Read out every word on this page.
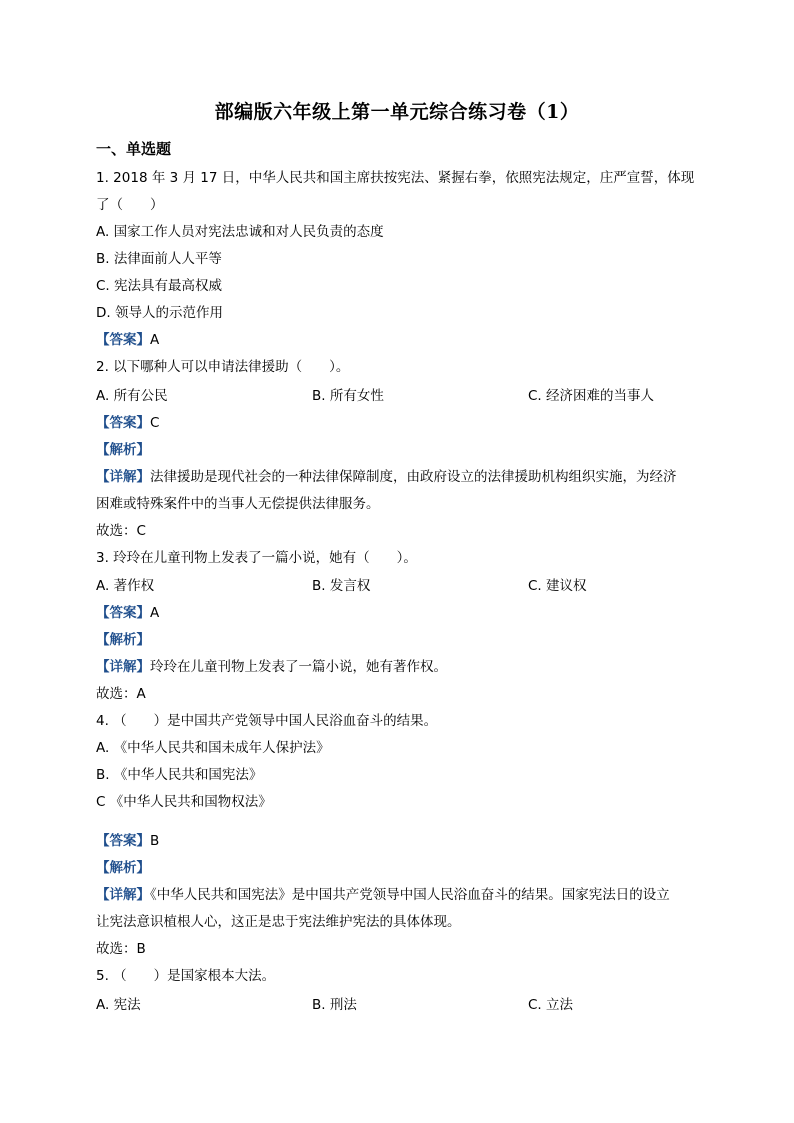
部编版六年级上第一单元综合练习卷（1）
一、单选题
1. 2018 年 3 月 17 日，中华人民共和国主席扶按宪法、紧握右拳，依照宪法规定，庄严宣誓，体现
了（　　）
A. 国家工作人员对宪法忠诚和对人民负责的态度
B. 法律面前人人平等
C. 宪法具有最高权威
D. 领导人的示范作用
【答案】A
2. 以下哪种人可以申请法律援助（　　）。
A. 所有公民	B. 所有女性	C. 经济困难的当事人
【答案】C
【解析】
【详解】法律援助是现代社会的一种法律保障制度，由政府设立的法律援助机构组织实施，为经济
困难或特殊案件中的当事人无偿提供法律服务。
故选：C
3. 玲玲在儿童刊物上发表了一篇小说，她有（　　）。
A. 著作权	B. 发言权	C. 建议权
【答案】A
【解析】
【详解】玲玲在儿童刊物上发表了一篇小说，她有著作权。
故选：A
4. （　　）是中国共产党领导中国人民浴血奋斗的结果。
A. 《中华人民共和国未成年人保护法》
B. 《中华人民共和国宪法》
C 《中华人民共和国物权法》
【答案】B
【解析】
【详解】《中华人民共和国宪法》是中国共产党领导中国人民浴血奋斗的结果。国家宪法日的设立
让宪法意识植根人心，这正是忠于宪法维护宪法的具体体现。
故选：B
5. （　　）是国家根本大法。
A. 宪法	B. 刑法	C. 立法
